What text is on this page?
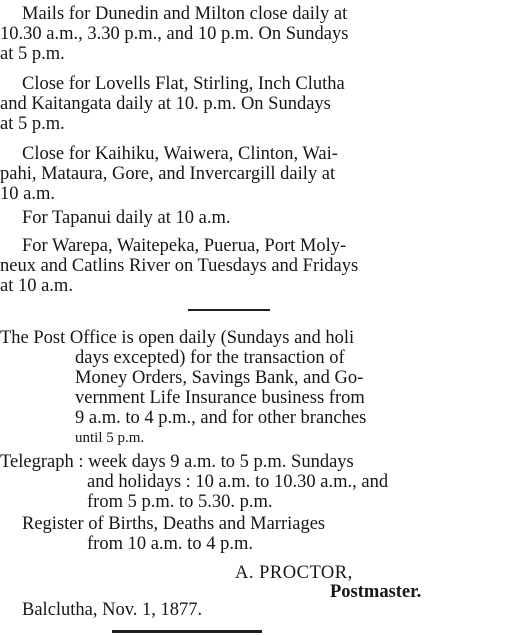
Mails for Dunedin and Milton close daily at
10.30 a.m., 3.30 p.m., and 10 p.m. On Sundays
at 5 p.m.
Close for Lovells Flat, Stirling, Inch Clutha
and Kaitangata daily at 10. p.m. On Sundays
at 5 p.m.
Close for Kaihiku, Waiwera, Clinton, Wai-
pahi, Mataura, Gore, and Invercargill daily at
10 a.m.
For Tapanui daily at 10 a.m.
For Warepa, Waitepeka, Puerua, Port Moly-
neux and Catlins River on Tuesdays and Fridays
at 10 a.m.
The Post Office is open daily (Sundays and holi
days excepted) for the transaction of
Money Orders, Savings Bank, and Go-
vernment Life Insurance business from
9 a.m. to 4 p.m., and for other branches
until 5 p.m.
Telegraph : week days 9 a.m. to 5 p.m. Sundays
and holidays : 10 a.m. to 10.30 a.m., and
from 5 p.m. to 5.30. p.m.
Register of Births, Deaths and Marriages
from 10 a.m. to 4 p.m.
A. PROCTOR,
Postmaster.
Balclutha, Nov. 1, 1877.
